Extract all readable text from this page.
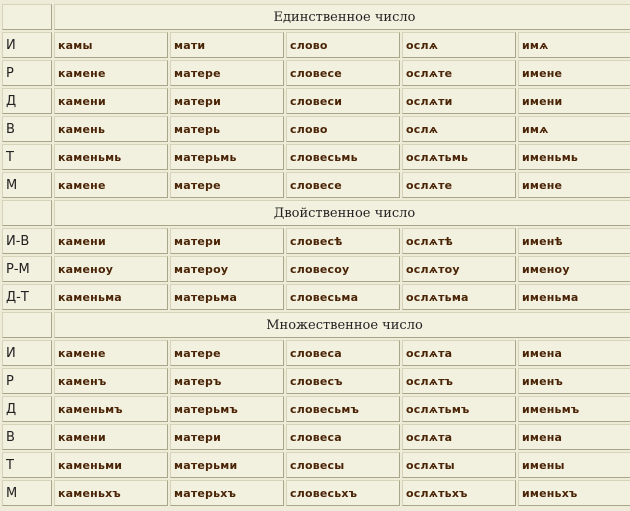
	Единственное число				
И	камы	мати	слово	ослѧ	имѧ
Р	камене	матере	словесе	ослѧте	имене
Д	камени	матери	словеси	ослѧти	имени
В	камень	матерь	слово	ослѧ	имѧ
Т	каменьмь	матерьмь	словесьмь	ослѧтьмь	именьмь
М	камене	матере	словесе	ослѧте	имене
	Двойственное число				
И-В	камени	матери	словесѣ	ослѧтѣ	именѣ
Р-М	каменоу	матероу	словесоу	ослѧтоу	именоу
Д-Т	каменьма	матерьма	словесьма	ослѧтьма	именьма
	Множественное число				
И	камене	матере	словеса	ослѧта	имена
Р	каменъ	матеръ	словесъ	ослѧтъ	именъ
Д	каменьмъ	матерьмъ	словесьмъ	ослѧтьмъ	именьмъ
В	камени	матери	словеса	ослѧта	имена
Т	каменьми	матерьми	словесы	ослѧты	имены
М	каменьхъ	матерьхъ	словесьхъ	ослѧтьхъ	именьхъ
